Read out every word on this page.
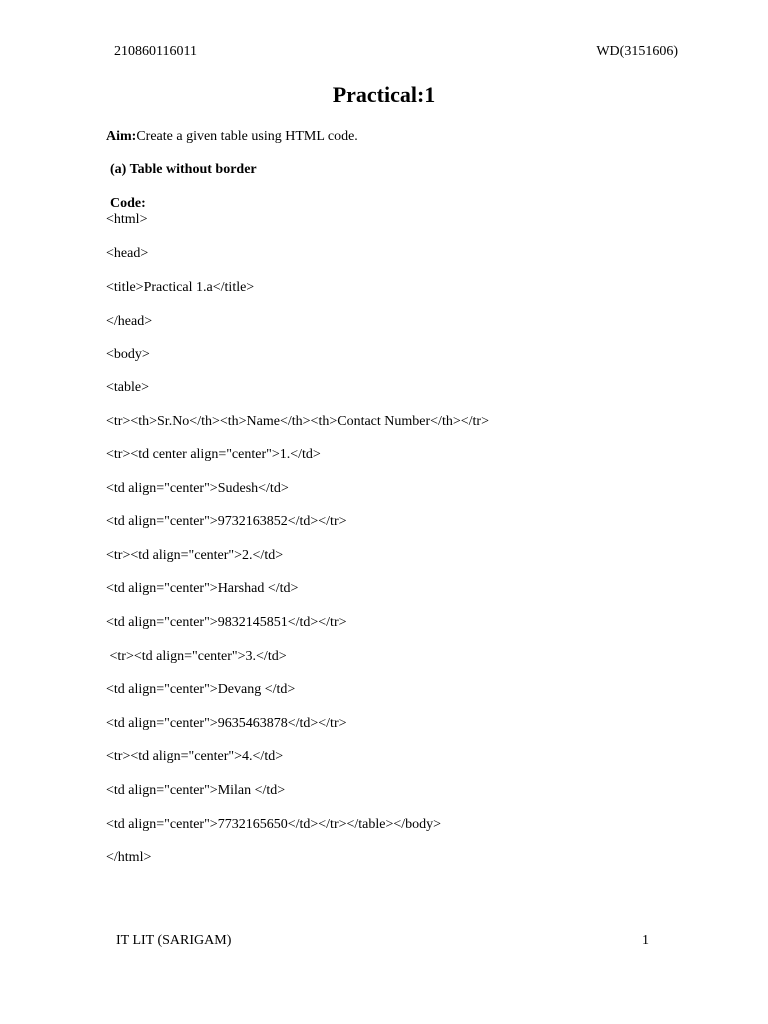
210860116011	WD(3151606)
Practical:1
Aim:Create a given table using HTML code.
(a) Table without border
Code:
<html>
<head>
<title>Practical 1.a</title>
</head>
<body>
<table>
<tr><th>Sr.No</th><th>Name</th><th>Contact Number</th></tr>
<tr><td center align="center">1.</td>
<td align="center">Sudesh</td>
<td align="center">9732163852</td></tr>
<tr><td align="center">2.</td>
<td align="center">Harshad </td>
<td align="center">9832145851</td></tr>
<tr><td align="center">3.</td>
<td align="center">Devang </td>
<td align="center">9635463878</td></tr>
<tr><td align="center">4.</td>
<td align="center">Milan </td>
<td align="center">7732165650</td></tr></table></body>
</html>
IT LIT (SARIGAM)	1
